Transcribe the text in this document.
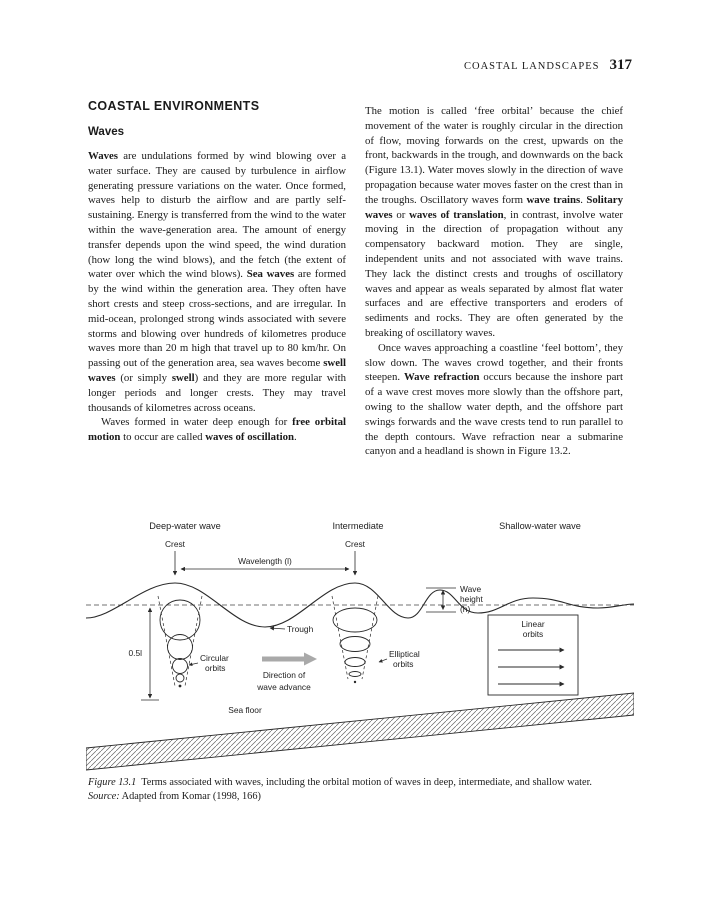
COASTAL LANDSCAPES 317
COASTAL ENVIRONMENTS
Waves

Waves are undulations formed by wind blowing over a water surface. They are caused by turbulence in airflow generating pressure variations on the water. Once formed, waves help to disturb the airflow and are partly self-sustaining. Energy is transferred from the wind to the water within the wave-generation area. The amount of energy transfer depends upon the wind speed, the wind duration (how long the wind blows), and the fetch (the extent of water over which the wind blows). Sea waves are formed by the wind within the generation area. They often have short crests and steep cross-sections, and are irregular. In mid-ocean, prolonged strong winds associated with severe storms and blowing over hundreds of kilometres produce waves more than 20 m high that travel up to 80 km/hr. On passing out of the generation area, sea waves become swell waves (or simply swell) and they are more regular with longer periods and longer crests. They may travel thousands of kilometres across oceans.

Waves formed in water deep enough for free orbital motion to occur are called waves of oscillation.

The motion is called ‘free orbital’ because the chief movement of the water is roughly circular in the direction of flow, moving forwards on the crest, upwards on the front, backwards in the trough, and downwards on the back (Figure 13.1). Water moves slowly in the direction of wave propagation because water moves faster on the crest than in the troughs. Oscillatory waves form wave trains. Solitary waves or waves of translation, in contrast, involve water moving in the direction of propagation without any compensatory backward motion. They are single, independent units and not associated with wave trains. They lack the distinct crests and troughs of oscillatory waves and appear as weals separated by almost flat water surfaces and are effective transporters and eroders of sediments and rocks. They are often generated by the breaking of oscillatory waves.

Once waves approaching a coastline ‘feel bottom’, they slow down. The waves crowd together, and their fronts steepen. Wave refraction occurs because the inshore part of a wave crest moves more slowly than the offshore part, owing to the shallow water depth, and the offshore part swings forwards and the wave crests tend to run parallel to the depth contours. Wave refraction near a submarine canyon and a headland is shown in Figure 13.2.

Deep-water wave	Intermediate	Shallow-water wave
Crest	Crest
Wavelength (l)
Trough
Wave
height
(h)
0.5l	Circular
orbits
Elliptical
orbits
Direction of
wave advance
Linear
orbits
Sea floor

Figure 13.1  Terms associated with waves, including the orbital motion of waves in deep, intermediate, and shallow water.

Source: Adapted from Komar (1998, 166)
